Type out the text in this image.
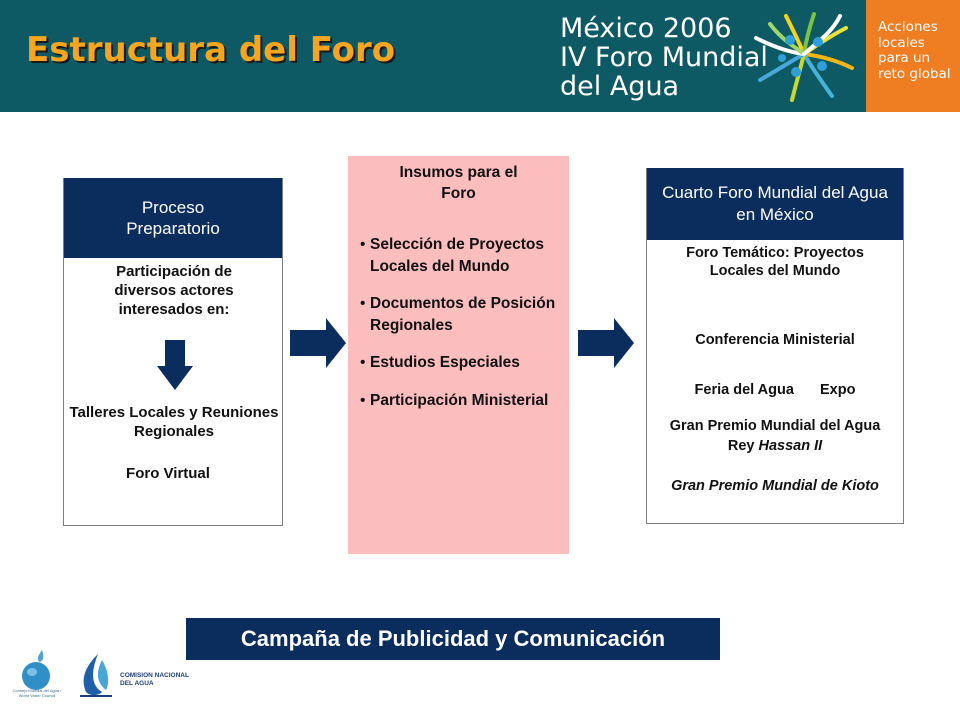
Estructura del Foro
México 2006
IV Foro Mundial
del Agua
Acciones
locales
para un
reto global
Proceso Preparatorio
Participación de diversos actores interesados en:
Talleres Locales y Reuniones Regionales
Foro Virtual
Insumos para el Foro
• Selección de Proyectos Locales del Mundo
• Documentos de Posición Regionales
• Estudios Especiales
• Participación Ministerial
Cuarto Foro Mundial del Agua en México
Foro Temático: Proyectos Locales del Mundo
Conferencia Ministerial
Feria del Agua Expo
Gran Premio Mundial del Agua Rey Hassan II
Gran Premio Mundial de Kioto
Campaña de Publicidad y Comunicación
Consejo Mundial del Agua / World Water Council
COMISION NACIONAL
DEL AGUA
